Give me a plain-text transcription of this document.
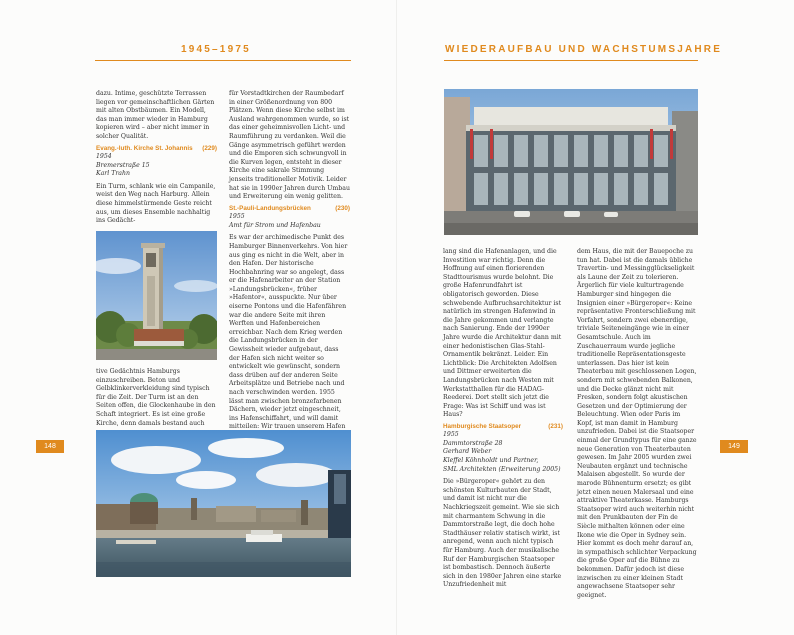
1945–1975

dazu. Intime, geschützte Terrassen liegen vor gemeinschaftlichen Gärten mit alten Obstbäumen. Ein Modell, das man immer wieder in Hamburg kopieren wird – aber nicht immer in solcher Qualität.

Evang.-luth. Kirche St. Johannis (229)
1954
Bremerstraße 15
Karl Trahn

Ein Turm, schlank wie ein Campanile, weist den Weg nach Harburg. Allein diese himmelstürmende Geste reicht aus, um dieses Ensemble nachhaltig ins Gedächt-

tive Gedächtnis Hamburgs einzuschreiben. Beton und Gelbklinkerverkleidung sind typisch für die Zeit. Der Turm ist an den Seiten offen, die Glockenhaube in den Schaft integriert. Es ist eine große Kirche, denn damals bestand auch

für Vorstadtkirchen der Raumbedarf in einer Größenordnung von 800 Plätzen. Wenn diese Kirche selbst im Ausland wahrgenommen wurde, so ist das einer geheimnisvollen Licht- und Raumführung zu verdanken. Weil die Gänge asymmetrisch geführt werden und die Emporen sich schwungvoll in die Kurven legen, entsteht in dieser Kirche eine sakrale Stimmung jenseits traditioneller Motivik. Leider hat sie in 1990er Jahren durch Umbau und Erweiterung ein wenig gelitten.

St.-Pauli-Landungsbrücken	(230)
1955
Amt für Strom und Hafenbau

Es war der archimedische Punkt des Hamburger Binnenverkehrs. Von hier aus ging es nicht in die Welt, aber in den Hafen. Der historische Hochbahnring war so angelegt, dass er die Hafenarbeiter an der Station »Landungsbrücken«, früher »Hafentor«, ausspuckte. Nur über eiserne Pontons und die Hafenfähren war die andere Seite mit ihren Werften und Hafenbereichen erreichbar. Nach dem Krieg werden die Landungsbrücken in der Gewissheit wieder aufgebaut, dass der Hafen sich nicht weiter so entwickelt wie gewünscht, sondern dass drüben auf der anderen Seite Arbeitsplätze und Betriebe nach und nach verschwinden werden. 1955 lässt man zwischen bronzefarbenen Dächern, wieder jetzt eingeschneit, ins Hafenschiffahrt, und will damit mitteilen: Wir trauen unserem Hafen

148
WIEDERAUFBAU UND WACHSTUMSJAHRE

lang sind die Hafenanlagen, und die Investition war richtig. Denn die Hoffnung auf einen florierenden Stadttourismus wurde belohnt. Die große Hafenrundfahrt ist obligatorisch geworden. Diese schwebende Aufbruchsarchitektur ist natürlich im strengen Hafenwind in die Jahre gekommen und verlangte nach Sanierung. Ende der 1990er Jahre wurde die Architektur dann mit einer hedonistischen Glas-Stahl-Ornamentik bekränzt. Leider. Ein Lichtblick: Die Architekten Adolfsen und Dittmer erweiterten die Landungsbrücken nach Westen mit Werkstatthallen für die HADAG-Reederei. Dort stellt sich jetzt die Frage: Was ist Schiff und was ist Haus?

Hamburgische Staatsoper	(231)
1955
Dammtorstraße 28
Gerhard Weber
Kleffel Köhnholdt und Partner,
SML Architekten (Erweiterung 2005)

Die »Bürgeroper« gehört zu den schönsten Kulturbauten der Stadt, und damit ist nicht nur die Nachkriegszeit gemeint. Wie sie sich mit charmantem Schwung in die Dammtorstraße legt, die doch hohe Stadthäuser relativ statisch wirkt, ist anregend, wenn auch nicht typisch für Hamburg. Auch der musikalische Ruf der Hamburgischen Staatsoper ist bombastisch. Dennoch äußerte sich in den 1980er Jahren eine starke Unzufriedenheit mit

dem Haus, die mit der Bauepoche zu tun hat. Dabei ist die damals übliche Travertin- und Messingglückseligkeit als Laune der Zeit zu tolerieren. Ärgerlich für viele kulturtragende Hamburger sind hingegen die Insignien einer »Bürgeroper«: Keine repräsentative Fronterschließung mit Vorfahrt, sondern zwei ebenerdige, triviale Seiteneingänge wie in einer Gesamtschule. Auch im Zuschauerraum wurde jegliche traditionelle Repräsentationsgeste unterlassen. Das hier ist kein Theaterbau mit geschlossenen Logen, sondern mit schwebenden Balkonen, und die Decke glänzt nicht mit Fresken, sondern folgt akustischen Gesetzen und der Optimierung der Beleuchtung. Wien oder Paris im Kopf, ist man damit in Hamburg unzufrieden. Dabei ist die Staatsoper einmal der Grundtypus für eine ganze neue Generation von Theaterbauten gewesen. Im Jahr 2005 wurden zwei Neubauten ergänzt und technische Malaisen abgestellt. So wurde der marode Bühnenturm ersetzt; es gibt jetzt einen neuen Malersaal und eine attraktive Theaterkasse. Hamburgs Staatsoper wird auch weiterhin nicht mit den Prunkbauten der Fin de Siècle mithalten können oder eine Ikone wie die Oper in Sydney sein. Hier kommt es doch mehr darauf an, in sympathisch schlichter Verpackung die große Oper auf die Bühne zu bekommen. Dafür jedoch ist diese inzwischen zu einer kleinen Stadt angewachsene Staatsoper sehr geeignet.

149
